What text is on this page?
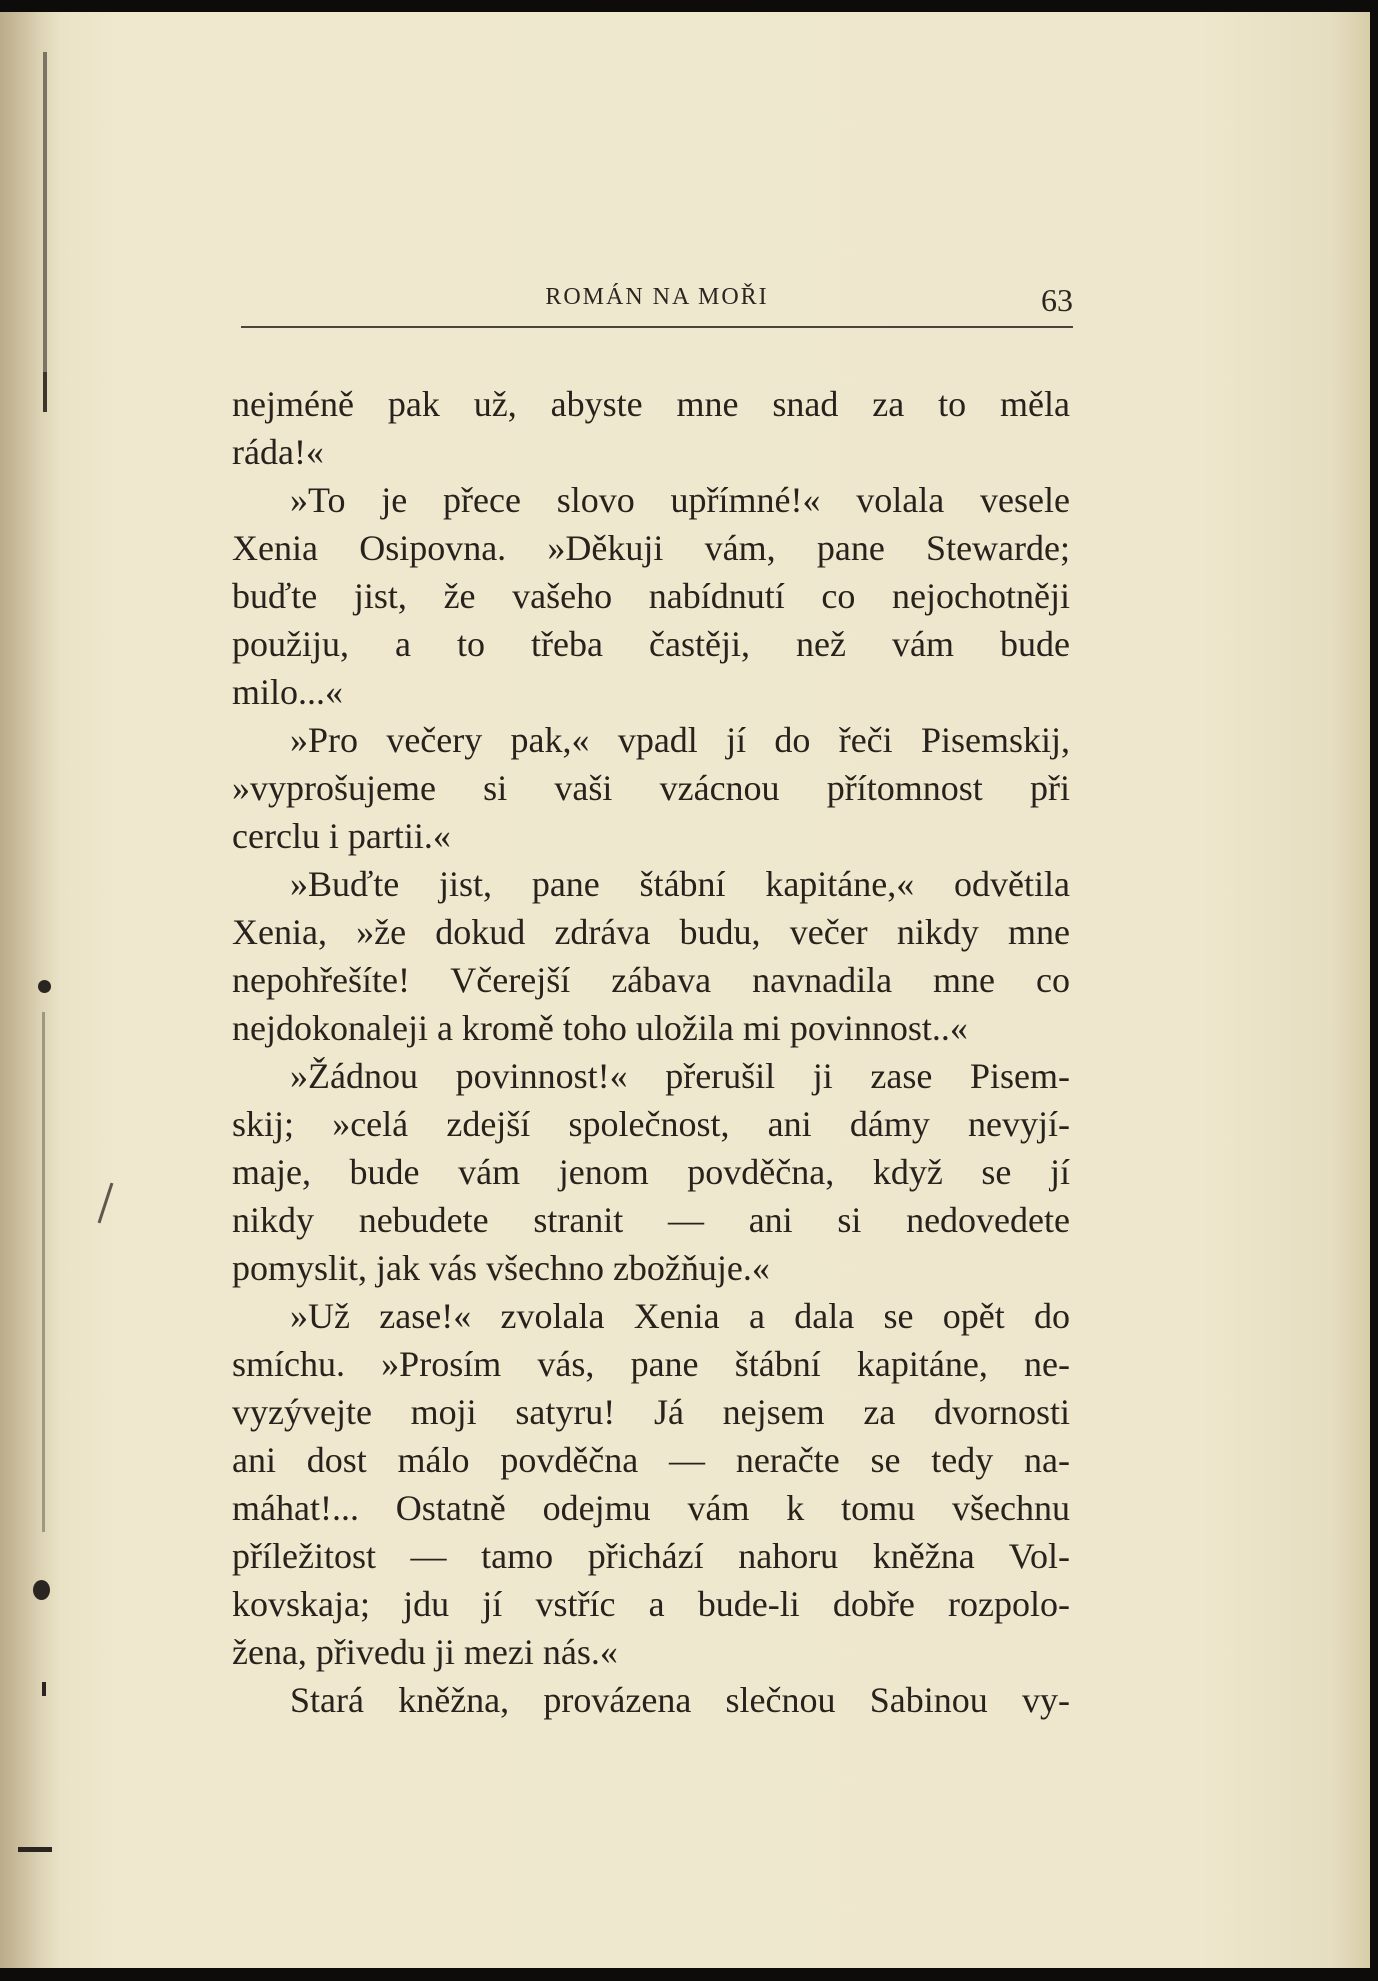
ROMÁN NA MOŘI	63
nejméně pak už, abyste mne snad za to měla
ráda!«
»To je přece slovo upřímné!« volala vesele
Xenia Osipovna. »Děkuji vám, pane Stewarde;
buďte jist, že vašeho nabídnutí co nejochotněji
použiju, a to třeba častěji, než vám bude
milo...«
»Pro večery pak,« vpadl jí do řeči Pisemskij,
»vyprošujeme si vaši vzácnou přítomnost při
cerclu i partii.«
»Buďte jist, pane štábní kapitáne,« odvětila
Xenia, »že dokud zdráva budu, večer nikdy mne
nepohřešíte! Včerejší zábava navnadila mne co
nejdokonaleji a kromě toho uložila mi povinnost..«
»Žádnou povinnost!« přerušil ji zase Pisem-
skij; »celá zdejší společnost, ani dámy nevyjí-
maje, bude vám jenom povděčna, když se jí
nikdy nebudete stranit — ani si nedovedete
pomyslit, jak vás všechno zbožňuje.«
»Už zase!« zvolala Xenia a dala se opět do
smíchu. »Prosím vás, pane štábní kapitáne, ne-
vyzývejte moji satyru! Já nejsem za dvornosti
ani dost málo povděčna — neračte se tedy na-
máhat!... Ostatně odejmu vám k tomu všechnu
příležitost — tamo přichází nahoru kněžna Vol-
kovskaja; jdu jí vstříc a bude-li dobře rozpolo-
žena, přivedu ji mezi nás.«
Stará kněžna, provázena slečnou Sabinou vy-
